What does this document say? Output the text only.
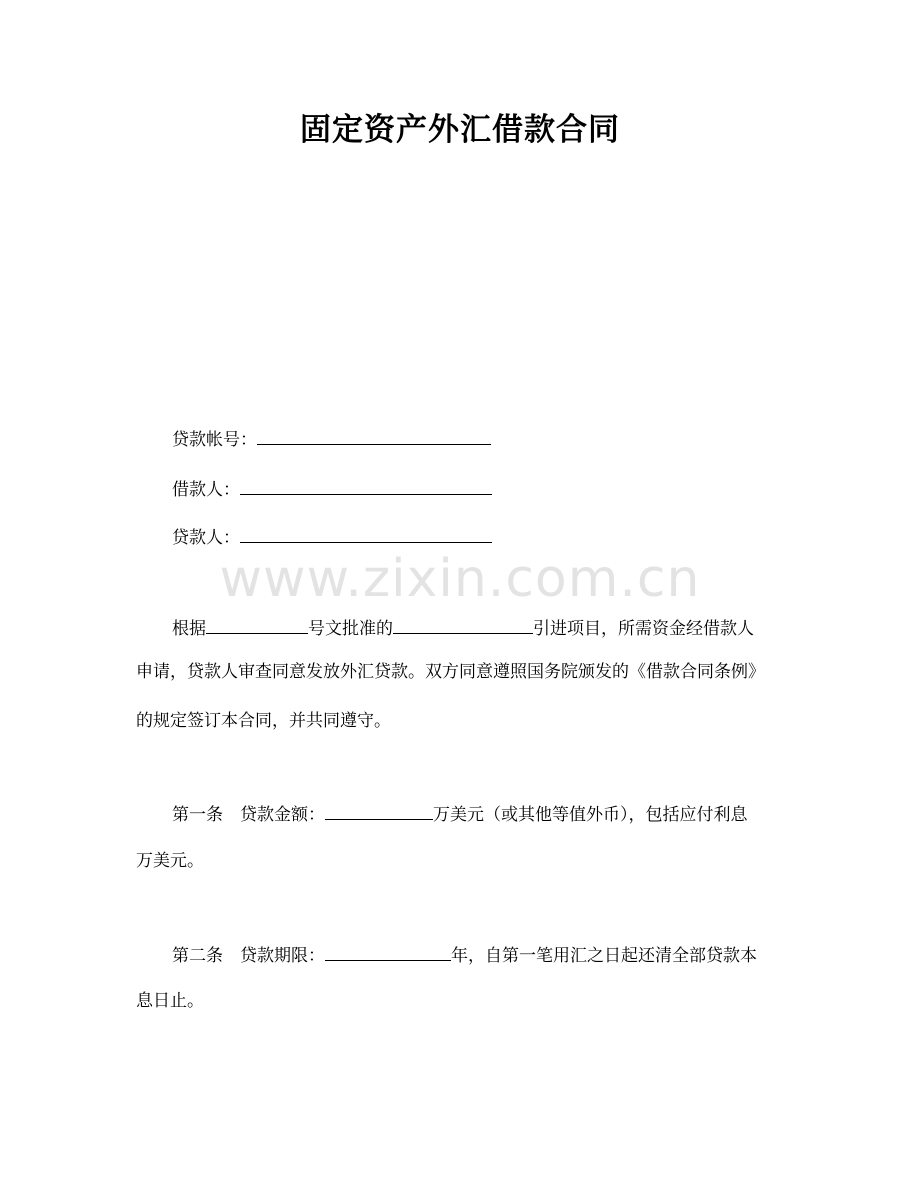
固定资产外汇借款合同
贷款帐号：
借款人：
贷款人：
www.zixin.com.cn
根据	号文批准的	引进项目，所需资金经借款人
申请，贷款人审查同意发放外汇贷款。双方同意遵照国务院颁发的《借款合同条例》
的规定签订本合同，并共同遵守。
第一条 贷款金额：	万美元（或其他等值外币），包括应付利息
万美元。
第二条 贷款期限：	年，自第一笔用汇之日起还清全部贷款本
息日止。
